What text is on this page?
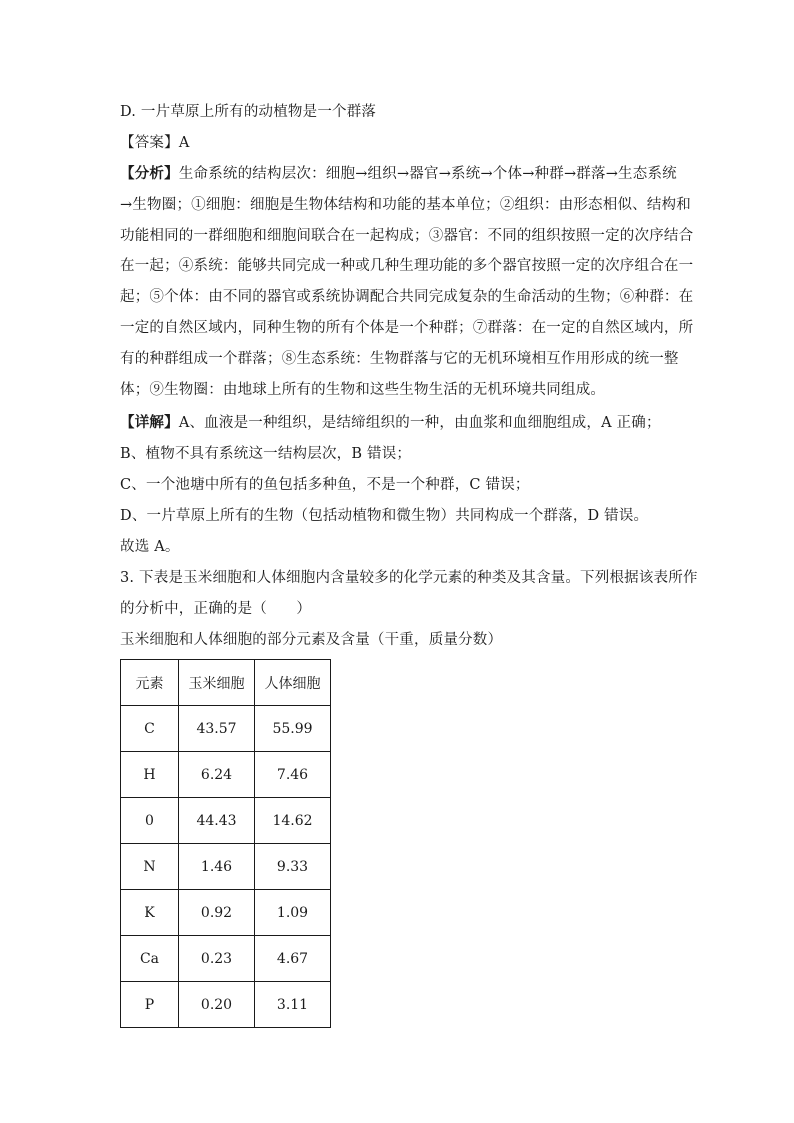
D. 一片草原上所有的动植物是一个群落
【答案】A
【分析】生命系统的结构层次：细胞→组织→器官→系统→个体→种群→群落→生态系统
→生物圈；①细胞：细胞是生物体结构和功能的基本单位；②组织：由形态相似、结构和
功能相同的一群细胞和细胞间联合在一起构成；③器官：不同的组织按照一定的次序结合
在一起；④系统：能够共同完成一种或几种生理功能的多个器官按照一定的次序组合在一
起；⑤个体：由不同的器官或系统协调配合共同完成复杂的生命活动的生物；⑥种群：在
一定的自然区域内，同种生物的所有个体是一个种群；⑦群落：在一定的自然区域内，所
有的种群组成一个群落；⑧生态系统：生物群落与它的无机环境相互作用形成的统一整
体；⑨生物圈：由地球上所有的生物和这些生物生活的无机环境共同组成。
【详解】A、血液是一种组织，是结缔组织的一种，由血浆和血细胞组成，A 正确；
B、植物不具有系统这一结构层次，B 错误；
C、一个池塘中所有的鱼包括多种鱼，不是一个种群，C 错误；
D、一片草原上所有的生物（包括动植物和微生物）共同构成一个群落，D 错误。
故选 A。
3. 下表是玉米细胞和人体细胞内含量较多的化学元素的种类及其含量。下列根据该表所作
的分析中，正确的是（　　）
玉米细胞和人体细胞的部分元素及含量（干重，质量分数）
元素	玉米细胞	人体细胞
C	43.57	55.99
H	6.24	7.46
0	44.43	14.62
N	1.46	9.33
K	0.92	1.09
Ca	0.23	4.67
P	0.20	3.11
